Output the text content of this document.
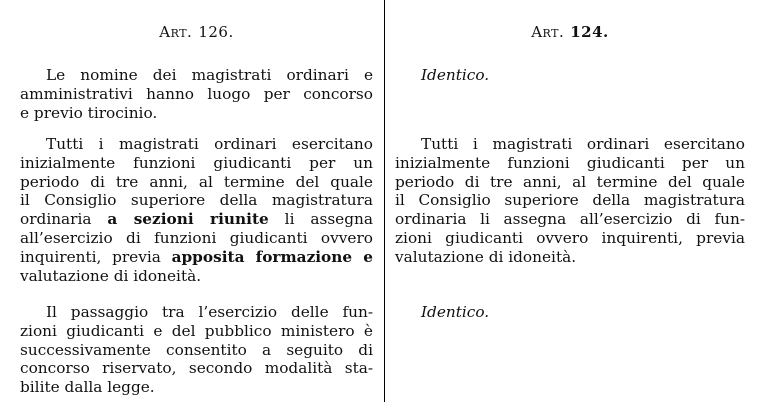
Art. 126.
Le nomine dei magistrati ordinari e
amministrativi hanno luogo per concorso
e previo tirocinio.
Tutti i magistrati ordinari esercitano
inizialmente funzioni giudicanti per un
periodo di tre anni, al termine del quale
il Consiglio superiore della magistratura
ordinaria a sezioni riunite li assegna
all’esercizio di funzioni giudicanti ovvero
inquirenti, previa apposita formazione e
valutazione di idoneità.
Il passaggio tra l’esercizio delle fun-
zioni giudicanti e del pubblico ministero è
successivamente consentito a seguito di
concorso riservato, secondo modalità sta-
bilite dalla legge.
Art. 124.
Identico.
Tutti i magistrati ordinari esercitano
inizialmente funzioni giudicanti per un
periodo di tre anni, al termine del quale
il Consiglio superiore della magistratura
ordinaria li assegna all’esercizio di fun-
zioni giudicanti ovvero inquirenti, previa
valutazione di idoneità.
Identico.
